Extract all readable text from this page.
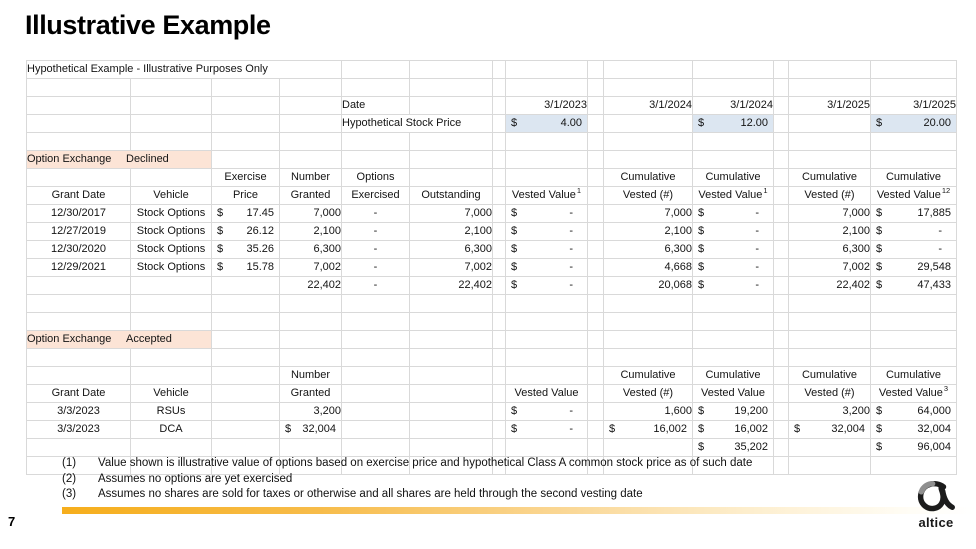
Illustrative Example
Hypothetical Example - Illustrative Purposes Only													

				Date			3/1/2023		3/1/2024	3/1/2024		3/1/2025	3/1/2025
				Hypothetical Stock Price			$ 4.00			$ 12.00			$ 20.00

Option Exchange Declined													
		Exercise	Number	Options					Cumulative	Cumulative		Cumulative	Cumulative
Grant Date	Vehicle	Price	Granted	Exercised	Outstanding		Vested Value$^1$		Vested (#)	Vested Value$^1$		Vested (#)	Vested Value$^{12}$
12/30/2017	Stock Options	$ 17.45	7,000	-	7,000		$ -		7,000	$ -		7,000	$ 17,885

12/27/2019	Stock Options	$ 26.12	2,100	-	2,100		$ -		2,100	$ -		2,100	$ -

12/30/2020	Stock Options	$ 35.26	6,300	-	6,300		$ -		6,300	$ -		6,300	$ -

12/29/2021	Stock Options	$ 15.78	7,002	-	7,002		$ -		4,668	$ -		7,002	$ 29,548

			22,402	-	22,402		$ -		20,068	$ -		22,402	$ 47,433

Option Exchange Accepted													

			Number						Cumulative	Cumulative		Cumulative	Cumulative
Grant Date	Vehicle		Granted				Vested Value		Vested (#)	Vested Value		Vested (#)	Vested Value$^3$
3/3/2023	RSUs		3,200				$ -		1,600	$ 19,200		3,200	$ 64,000

3/3/2023	DCA		$ 32,004				$ -		$ 16,002	$ 16,002		$ 32,004	$ 32,004

										$ 35,202			$ 96,004

(1)	Value shown is illustrative value of options based on exercise price and hypothetical Class A common stock price as of such date
(2)	Assumes no options are yet exercised
(3)	Assumes no shares are sold for taxes or otherwise and all shares are held through the second vesting date
7	altice
